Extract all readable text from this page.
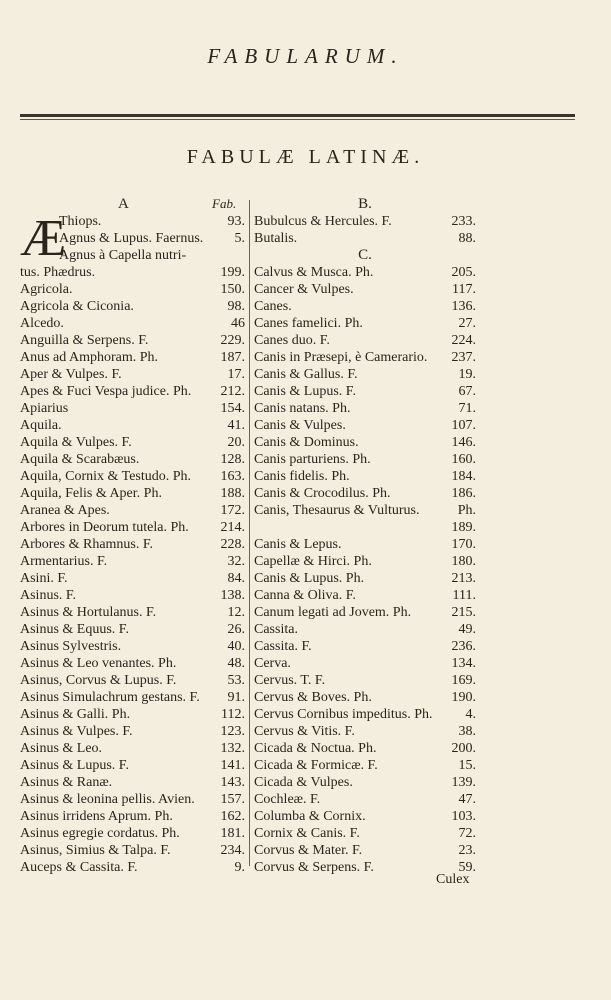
FABULARUM.
FABULÆ LATINÆ.
A	Fab.
Æ
Thiops.	93.
Agnus & Lupus. Faernus. 5.
Agnus à Capella nutri-
tus. Phædrus.	199.
Agricola.	150.
Agricola & Ciconia.	98.
Alcedo.	46
Anguilla & Serpens. F.	229.
Anus ad Amphoram. Ph.	187.
Aper & Vulpes. F.	17.
Apes & Fuci Vespa judice. Ph. 212.
Apiarius	154.
Aquila.	41.
Aquila & Vulpes. F.	20.
Aquila & Scarabæus.	128.
Aquila, Cornix & Testudo. Ph. 163.
Aquila, Felis & Aper. Ph.	188.
Aranea & Apes.	172.
Arbores in Deorum tutela. Ph. 214.
Arbores & Rhamnus. F.	228.
Armentarius. F.	32.
Asini. F.	84.
Asinus. F.	138.
Asinus & Hortulanus. F.	12.
Asinus & Equus. F.	26.
Asinus Sylvestris.	40.
Asinus & Leo venantes. Ph.	48.
Asinus, Corvus & Lupus. F.	53.
Asinus Simulachrum gestans. F. 91.
Asinus & Galli. Ph.	112.
Asinus & Vulpes. F.	123.
Asinus & Leo.	132.
Asinus & Lupus. F.	141.
Asinus & Ranæ.	143.
Asinus & leonina pellis. Avien. 157.
Asinus irridens Aprum. Ph.	162.
Asinus egregie cordatus. Ph.	181.
Asinus, Simius & Talpa. F.	234.
Auceps & Cassita. F.	9.
B.
Bubulcus & Hercules. F.	233.
Butalis.	88.
C.
Calvus & Musca. Ph.	205.
Cancer & Vulpes.	117.
Canes.	136.
Canes famelici. Ph.	27.
Canes duo. F.	224.
Canis in Præsepi, è Camerario. 237.
Canis & Gallus. F.	19.
Canis & Lupus. F.	67.
Canis natans. Ph.	71.
Canis & Vulpes.	107.
Canis & Dominus.	146.
Canis parturiens. Ph.	160.
Canis fidelis. Ph.	184.
Canis & Crocodilus. Ph.	186.
Canis, Thesaurus & Vulturus.	Ph.
189.
Canis & Lepus.	170.
Capellæ & Hirci. Ph.	180.
Canis & Lupus. Ph.	213.
Canna & Oliva. F.	111.
Canum legati ad Jovem. Ph.	215.
Cassita.	49.
Cassita. F.	236.
Cerva.	134.
Cervus. T. F.	169.
Cervus & Boves. Ph.	190.
Cervus Cornibus impeditus. Ph. 4.
Cervus & Vitis. F.	38.
Cicada & Noctua. Ph.	200.
Cicada & Formicæ. F.	15.
Cicada & Vulpes.	139.
Cochleæ. F.	47.
Columba & Cornix.	103.
Cornix & Canis. F.	72.
Corvus & Mater. F.	23.
Corvus & Serpens. F.	59.
Culex
